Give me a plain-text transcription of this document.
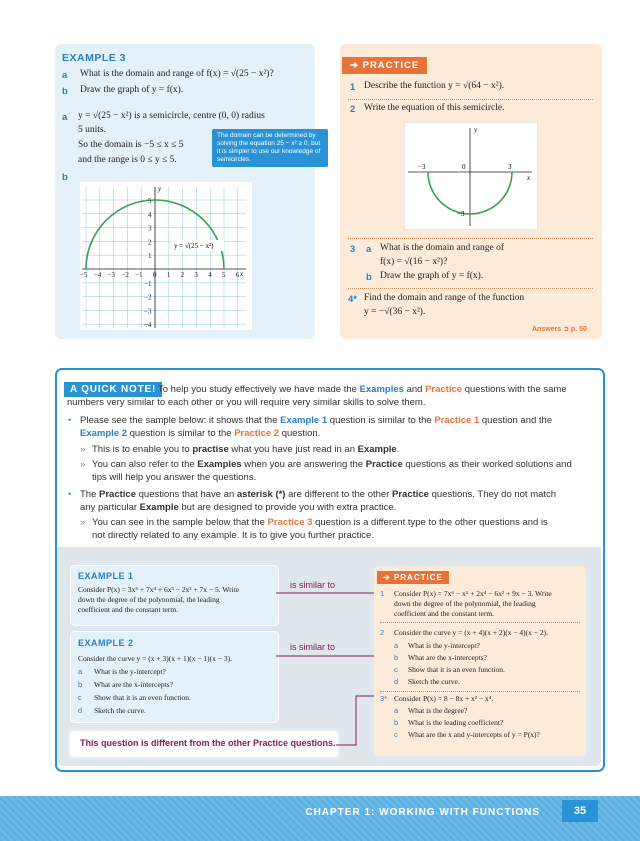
EXAMPLE 3
a What is the domain and range of f(x) = √(25 − x²)?
b Draw the graph of y = f(x).
a y = √(25 − x²) is a semicircle, centre (0, 0) radius
5 units.
So the domain is −5 ≤ x ≤ 5
and the range is 0 ≤ y ≤ 5.
The domain can be determined by solving the equation 25 − x² ≥ 0, but it is simpler to use our knowledge of semicircles.
b
−5 −4 −3 −2 −1 0 1 2 3 4 5 6
5
4
3
2
1
−1
−2
−3
−4
x
y
y = √(25 − x²)
➔ PRACTICE
1 Describe the function y = √(64 − x²).
2 Write the equation of this semicircle.
x
y
−3	0	3
−3
3 a What is the domain and range of
f(x) = √(16 − x²)?
b Draw the graph of y = f(x).
4* Find the domain and range of the function
y = −√(36 − x²).
Answers ➲ p. 50
A QUICK NOTE! To help you study effectively we have made the Examples and Practice questions with the same
numbers very similar to each other or you will require very similar skills to solve them.
• Please see the sample below: it shows that the Example 1 question is similar to the Practice 1 question and the
Example 2 question is similar to the Practice 2 question.
» This is to enable you to practise what you have just read in an Example.
» You can also refer to the Examples when you are answering the Practice questions as their worked solutions and
tips will help you answer the questions.
• The Practice questions that have an asterisk (*) are different to the other Practice questions. They do not match
any particular Example but are designed to provide you with extra practice.
» You can see in the sample below that the Practice 3 question is a different type to the other questions and is
not directly related to any example. It is to give you further practice.
EXAMPLE 1
Consider P(x) = 3x⁵ + 7x⁴ + 6x³ − 2x² + 7x − 5. Write
down the degree of the polynomial, the leading
coefficient and the constant term.
EXAMPLE 2
Consider the curve y = (x + 3)(x + 1)(x − 1)(x − 3).
a What is the y-intercept?
b What are the x-intercepts?
c Show that it is an even function.
d Sketch the curve.
This question is different from the other Practice questions.
is similar to
is similar to
➔ PRACTICE
1 Consider P(x) = 7x⁶ − x⁵ + 2x⁴ − 6x² + 9x − 3. Write
down the degree of the polynomial, the leading
coefficient and the constant term.
2 Consider the curve y = (x + 4)(x + 2)(x − 4)(x − 2).
a What is the y-intercept?
b What are the x-intercepts?
c Show that it is an even function.
d Sketch the curve.
3* Consider P(x) = 8 − 8x + x² − x⁴.
a What is the degree?
b What is the leading coefficient?
c What are the x and y-intercepts of y = P(x)?
CHAPTER 1: WORKING WITH FUNCTIONS	35
